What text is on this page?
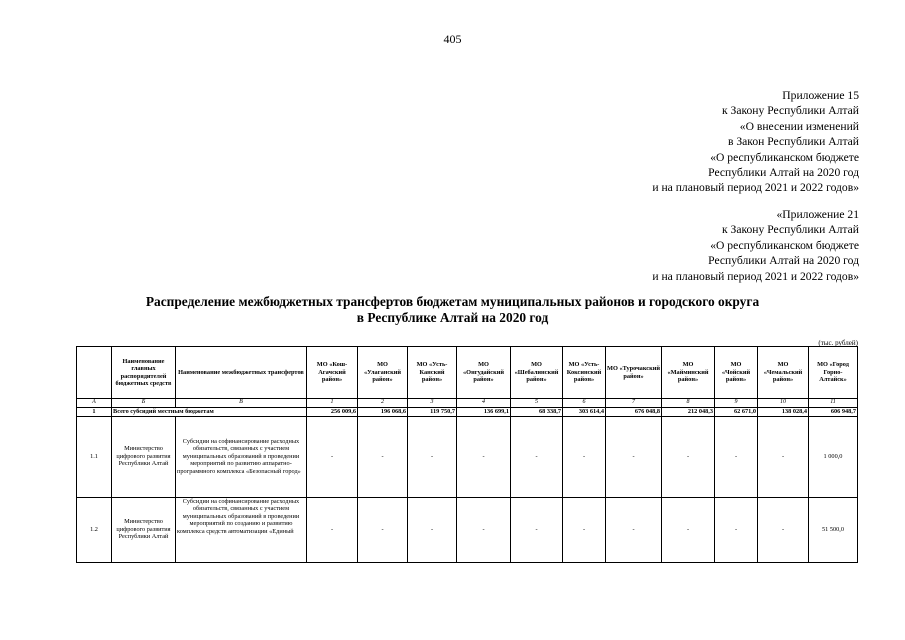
405
Приложение 15
к Закону Республики Алтай
«О внесении изменений
в Закон Республики Алтай
«О республиканском бюджете
Республики Алтай на 2020 год
и на плановый период 2021 и 2022 годов»
«Приложение 21
к Закону Республики Алтай
«О республиканском бюджете
Республики Алтай на 2020 год
и на плановый период 2021 и 2022 годов»
Распределение межбюджетных трансфертов бюджетам муниципальных районов и городского округа
в Республике Алтай на 2020 год
(тыс. рублей)
	Наименование главных распорядителей бюджетных средств	Наименование межбюджетных трансфертов	МО «Кош-Агачский район»	МО «Улаганский район»	МО «Усть-Канский район»	МО «Онгудайский район»	МО «Шебалинский район»	МО «Усть-Коксинский район»	МО «Турочакский район»	МО «Майминский район»	МО «Чойский район»	МО «Чемальский район»	МО «Город Горно-Алтайск»
А	Б	В	1	2	3	4	5	6	7	8	9	10	11
1	Всего субсидий местным бюджетам		256 009,6	196 068,6	119 750,7	136 699,1	68 338,7	303 614,4	676 048,8	212 048,3	62 671,0	138 028,4	606 948,7
1.1	Министерство цифрового развития Республики Алтай	Субсидии на софинансирование расходных обязательств, связанных с участием муниципальных образований в проведении мероприятий по развитию аппаратно-программного комплекса «Безопасный город»	-	-	-	-	-	-	-	-	-	-	1 000,0
1.2	Министерство цифрового развития Республики Алтай	Субсидии на софинансирование расходных обязательств, связанных с участием муниципальных образований в проведении мероприятий по созданию и развитию комплекса средств автоматизации «Единый	-	-	-	-	-	-	-	-	-	-	51 500,0
